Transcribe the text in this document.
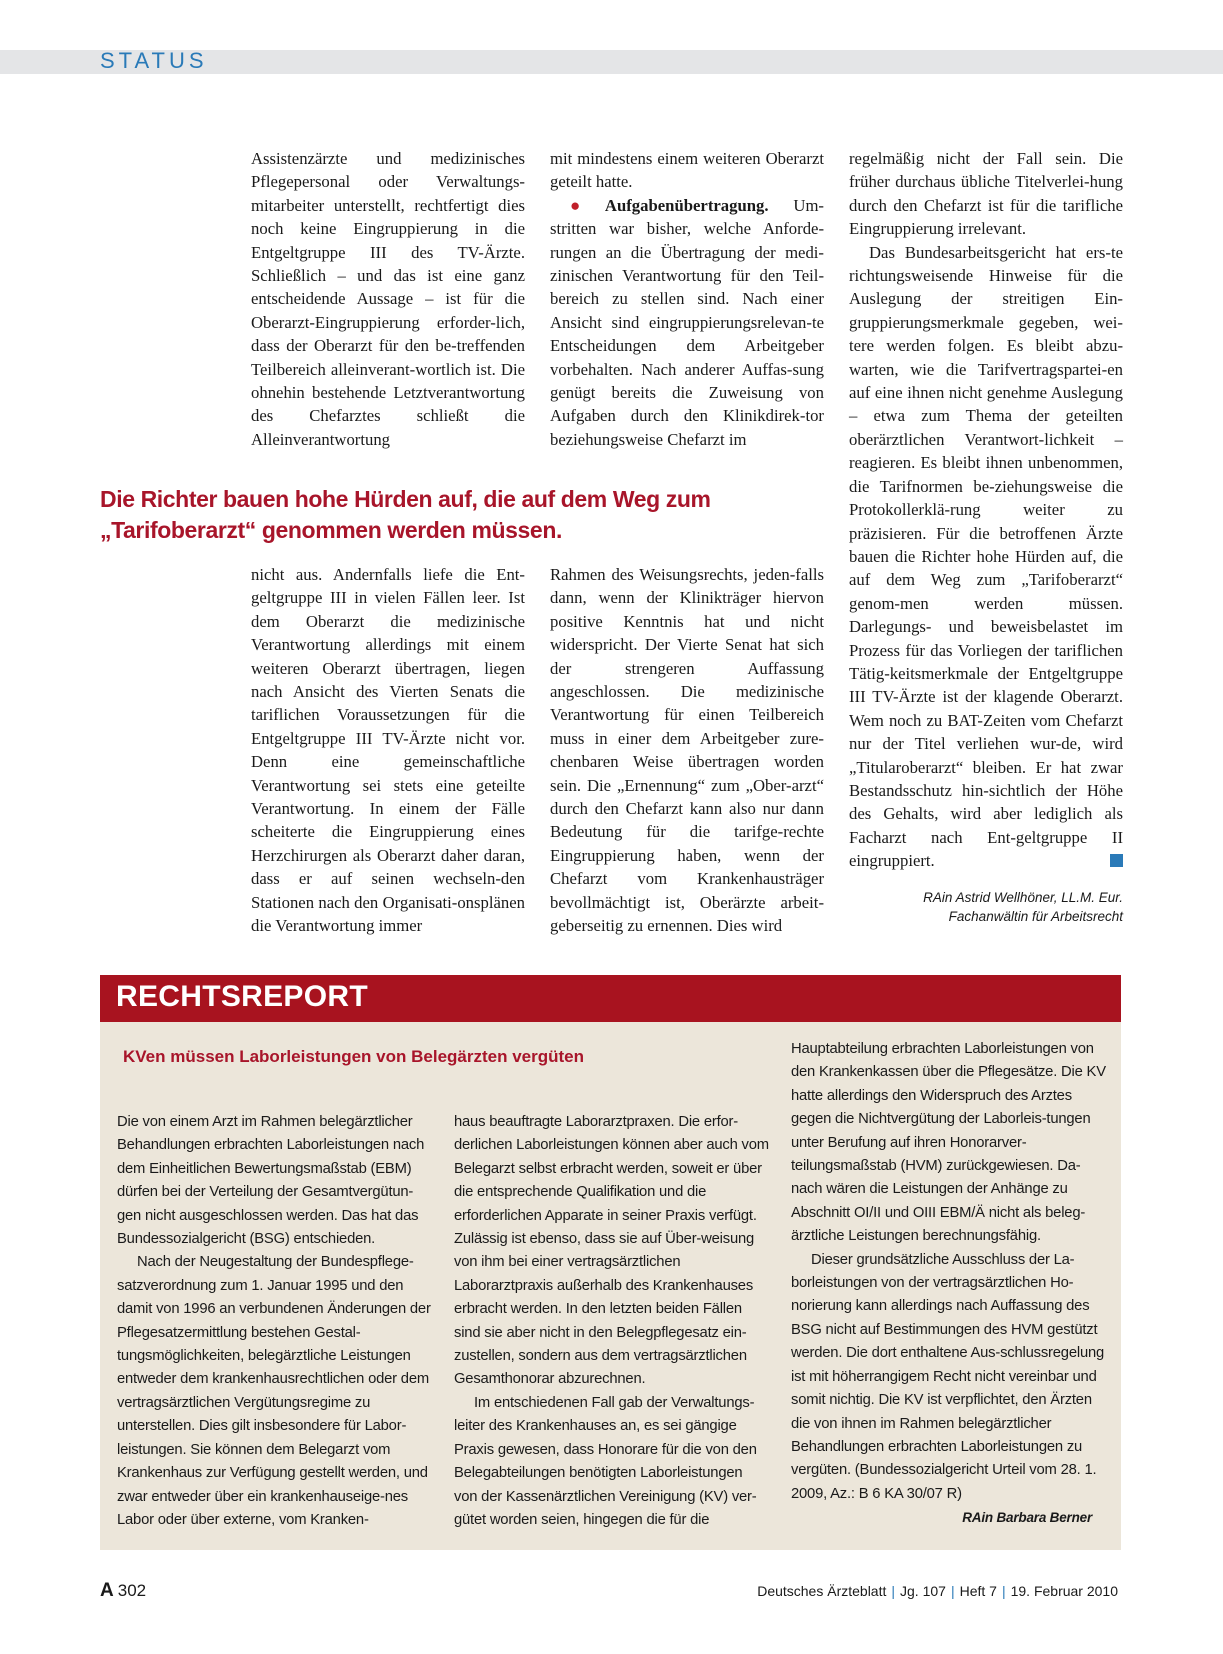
STATUS

Assistenzärzte und medizinisches Pflegepersonal oder Verwaltungs-mitarbeiter unterstellt, rechtfertigt dies noch keine Eingruppierung in die Entgeltgruppe III des TV-Ärzte. Schließlich – und das ist eine ganz entscheidende Aussage – ist für die Oberarzt-Eingruppierung erforder-lich, dass der Oberarzt für den be-treffenden Teilbereich alleinverant-wortlich ist. Die ohnehin bestehende Letztverantwortung des Chefarztes schließt die Alleinverantwortung

mit mindestens einem weiteren Oberarzt geteilt hatte.

● Aufgabenübertragung. Um-stritten war bisher, welche Anforde-rungen an die Übertragung der medi-zinischen Verantwortung für den Teil-bereich zu stellen sind. Nach einer Ansicht sind eingruppierungsrelevan-te Entscheidungen dem Arbeitgeber vorbehalten. Nach anderer Auffas-sung genügt bereits die Zuweisung von Aufgaben durch den Klinikdirek-tor beziehungsweise Chefarzt im

Die Richter bauen hohe Hürden auf, die auf dem Weg zum „Tarifoberarzt“ genommen werden müssen.

nicht aus. Andernfalls liefe die Ent-geltgruppe III in vielen Fällen leer. Ist dem Oberarzt die medizinische Verantwortung allerdings mit einem weiteren Oberarzt übertragen, liegen nach Ansicht des Vierten Senats die tariflichen Voraussetzungen für die Entgeltgruppe III TV-Ärzte nicht vor. Denn eine gemeinschaftliche Verantwortung sei stets eine geteilte Verantwortung. In einem der Fälle scheiterte die Eingruppierung eines Herzchirurgen als Oberarzt daher daran, dass er auf seinen wechseln-den Stationen nach den Organisati-onsplänen die Verantwortung immer

Rahmen des Weisungsrechts, jeden-falls dann, wenn der Klinikträger hiervon positive Kenntnis hat und nicht widerspricht. Der Vierte Senat hat sich der strengeren Auffassung angeschlossen. Die medizinische Verantwortung für einen Teilbereich muss in einer dem Arbeitgeber zure-chenbaren Weise übertragen worden sein. Die „Ernennung“ zum „Ober-arzt“ durch den Chefarzt kann also nur dann Bedeutung für die tarifge-rechte Eingruppierung haben, wenn der Chefarzt vom Krankenhausträger bevollmächtigt ist, Oberärzte arbeit-geberseitig zu ernennen. Dies wird

regelmäßig nicht der Fall sein. Die früher durchaus übliche Titelverlei-hung durch den Chefarzt ist für die tarifliche Eingruppierung irrelevant.

Das Bundesarbeitsgericht hat ers-te richtungsweisende Hinweise für die Auslegung der streitigen Ein-gruppierungsmerkmale gegeben, wei-tere werden folgen. Es bleibt abzu-warten, wie die Tarifvertragspartei-en auf eine ihnen nicht genehme Auslegung – etwa zum Thema der geteilten oberärztlichen Verantwort-lichkeit – reagieren. Es bleibt ihnen unbenommen, die Tarifnormen be-ziehungsweise die Protokollerklä-rung weiter zu präzisieren. Für die betroffenen Ärzte bauen die Richter hohe Hürden auf, die auf dem Weg zum „Tarifoberarzt“ genom-men werden müssen. Darlegungs- und beweisbelastet im Prozess für das Vorliegen der tariflichen Tätig-keitsmerkmale der Entgeltgruppe III TV-Ärzte ist der klagende Oberarzt. Wem noch zu BAT-Zeiten vom Chefarzt nur der Titel verliehen wur-de, wird „Titularoberarzt“ bleiben. Er hat zwar Bestandsschutz hin-sichtlich der Höhe des Gehalts, wird aber lediglich als Facharzt nach Ent-geltgruppe II eingruppiert.

RAin Astrid Wellhöner, LL.M. Eur.
Fachanwältin für Arbeitsrecht
RECHTSREPORT
KVen müssen Laborleistungen von Belegärzten vergüten

Die von einem Arzt im Rahmen belegärztlicher Behandlungen erbrachten Laborleistungen nach dem Einheitlichen Bewertungsmaßstab (EBM) dürfen bei der Verteilung der Gesamtvergütun-gen nicht ausgeschlossen werden. Das hat das Bundessozialgericht (BSG) entschieden.

Nach der Neugestaltung der Bundespflege-satzverordnung zum 1. Januar 1995 und den damit von 1996 an verbundenen Änderungen der Pflegesatzermittlung bestehen Gestal-tungsmöglichkeiten, belegärztliche Leistungen entweder dem krankenhausrechtlichen oder dem vertragsärztlichen Vergütungsregime zu unterstellen. Dies gilt insbesondere für Labor-leistungen. Sie können dem Belegarzt vom Krankenhaus zur Verfügung gestellt werden, und zwar entweder über ein krankenhauseige-nes Labor oder über externe, vom Kranken-

haus beauftragte Laborarztpraxen. Die erfor-derlichen Laborleistungen können aber auch vom Belegarzt selbst erbracht werden, soweit er über die entsprechende Qualifikation und die erforderlichen Apparate in seiner Praxis verfügt. Zulässig ist ebenso, dass sie auf Über-weisung von ihm bei einer vertragsärztlichen Laborarztpraxis außerhalb des Krankenhauses erbracht werden. In den letzten beiden Fällen sind sie aber nicht in den Belegpflegesatz ein-zustellen, sondern aus dem vertragsärztlichen Gesamthonorar abzurechnen.

Im entschiedenen Fall gab der Verwaltungs-leiter des Krankenhauses an, es sei gängige Praxis gewesen, dass Honorare für die von den Belegabteilungen benötigten Laborleistungen von der Kassenärztlichen Vereinigung (KV) ver-gütet worden seien, hingegen die für die

Hauptabteilung erbrachten Laborleistungen von den Krankenkassen über die Pflegesätze. Die KV hatte allerdings den Widerspruch des Arztes gegen die Nichtvergütung der Laborleis-tungen unter Berufung auf ihren Honorarver-teilungsmaßstab (HVM) zurückgewiesen. Da-nach wären die Leistungen der Anhänge zu Abschnitt OI/II und OIII EBM/Ä nicht als beleg-ärztliche Leistungen berechnungsfähig.

Dieser grundsätzliche Ausschluss der La-borleistungen von der vertragsärztlichen Ho-norierung kann allerdings nach Auffassung des BSG nicht auf Bestimmungen des HVM gestützt werden. Die dort enthaltene Aus-schlussregelung ist mit höherrangigem Recht nicht vereinbar und somit nichtig. Die KV ist verpflichtet, den Ärzten die von ihnen im Rahmen belegärztlicher Behandlungen erbrachten Laborleistungen zu vergüten. (Bundessozialgericht Urteil vom 28. 1. 2009, Az.: B 6 KA 30/07 R)
RAin Barbara Berner

A 302	Deutsches Ärzteblatt | Jg. 107 | Heft 7 | 19. Februar 2010
